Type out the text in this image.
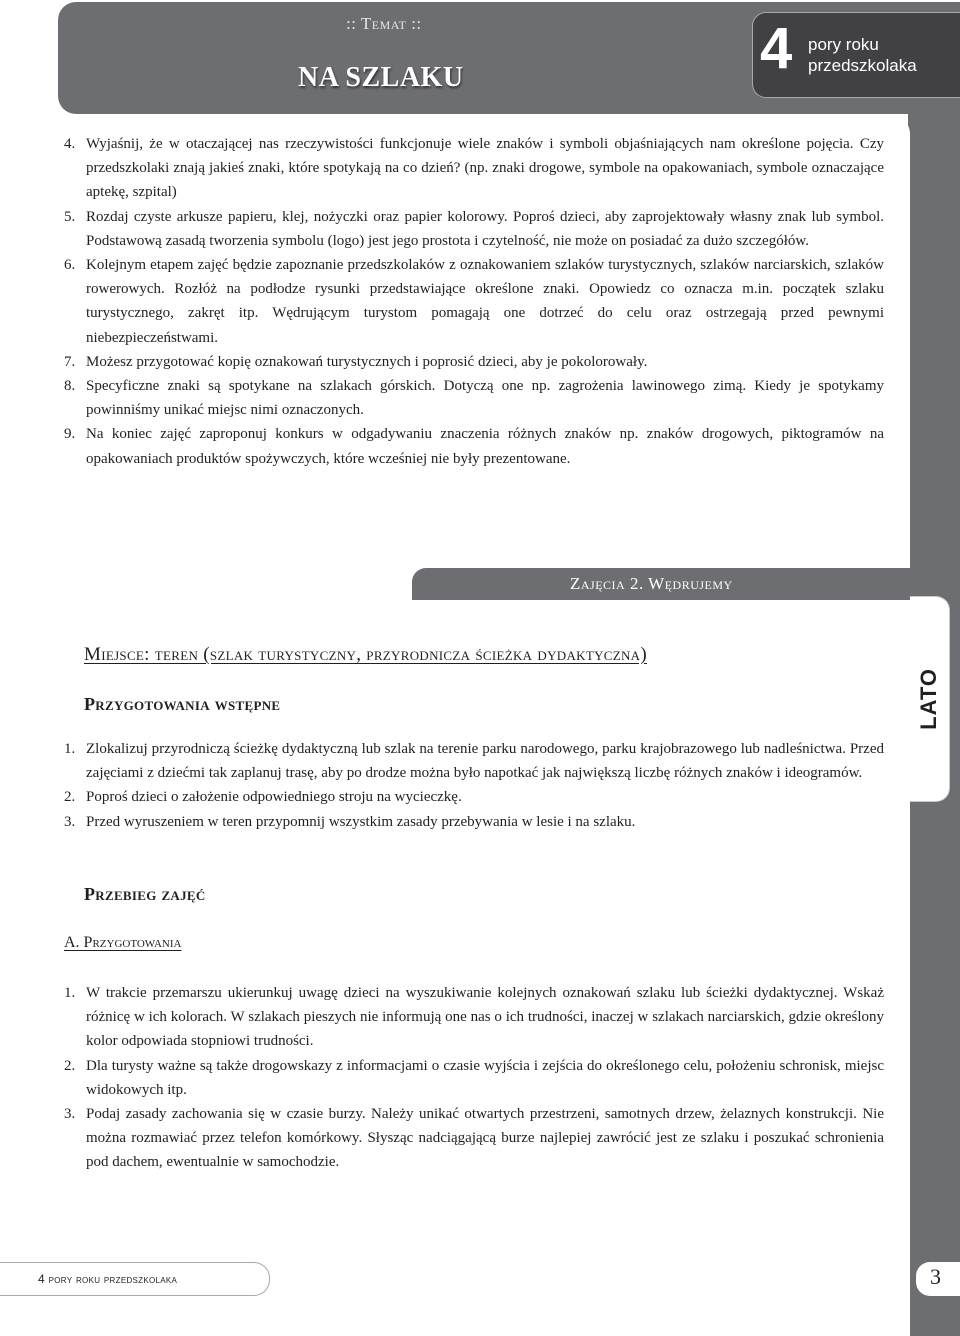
:: Temat ::
NA SZLAKU	4 pory roku
przedszkolaka
4. Wyjaśnij, że w otaczającej nas rzeczywistości funkcjonuje wiele znaków i symboli objaśniających nam określone pojęcia. Czy przedszkolaki znają jakieś znaki, które spotykają na co dzień? (np. znaki drogowe, symbole na opakowaniach, symbole oznaczające aptekę, szpital)
5. Rozdaj czyste arkusze papieru, klej, nożyczki oraz papier kolorowy. Poproś dzieci, aby zaprojektowały własny znak lub symbol. Podstawową zasadą tworzenia symbolu (logo) jest jego prostota i czytelność, nie może on posiadać za dużo szczegółów.
6. Kolejnym etapem zajęć będzie zapoznanie przedszkolaków z oznakowaniem szlaków turystycznych, szlaków narciarskich, szlaków rowerowych. Rozłóż na podłodze rysunki przedstawiające określone znaki. Opowiedz co oznacza m.in. początek szlaku turystycznego, zakręt itp. Wędrującym turystom pomagają one dotrzeć do celu oraz ostrzegają przed pewnymi niebezpieczeństwami.
7. Możesz przygotować kopię oznakowań turystycznych i poprosić dzieci, aby je pokolorowały.
8. Specyficzne znaki są spotykane na szlakach górskich. Dotyczą one np. zagrożenia lawinowego zimą. Kiedy je spotykamy powinniśmy unikać miejsc nimi oznaczonych.
9. Na koniec zajęć zaproponuj konkurs w odgadywaniu znaczenia różnych znaków np. znaków drogowych, piktogramów na opakowaniach produktów spożywczych, które wcześniej nie były prezentowane.
Zajęcia 2. Wędrujemy
LATO
Miejsce: teren (szlak turystyczny, przyrodnicza ścieżka dydaktyczna)
Przygotowania wstępne
1. Zlokalizuj przyrodniczą ścieżkę dydaktyczną lub szlak na terenie parku narodowego, parku krajobrazowego lub nadleśnictwa. Przed zajęciami z dziećmi tak zaplanuj trasę, aby po drodze można było napotkać jak największą liczbę różnych znaków i ideogramów.
2. Poproś dzieci o założenie odpowiedniego stroju na wycieczkę.
3. Przed wyruszeniem w teren przypomnij wszystkim zasady przebywania w lesie i na szlaku.
Przebieg zajęć
A. Przygotowania
1. W trakcie przemarszu ukierunkuj uwagę dzieci na wyszukiwanie kolejnych oznakowań szlaku lub ścieżki dydaktycznej. Wskaż różnicę w ich kolorach. W szlakach pieszych nie informują one nas o ich trudności, inaczej w szlakach narciarskich, gdzie określony kolor odpowiada stopniowi trudności.
2. Dla turysty ważne są także drogowskazy z informacjami o czasie wyjścia i zejścia do określonego celu, położeniu schronisk, miejsc widokowych itp.
3. Podaj zasady zachowania się w czasie burzy. Należy unikać otwartych przestrzeni, samotnych drzew, żelaznych konstrukcji. Nie można rozmawiać przez telefon komórkowy. Słysząc nadciągającą burze najlepiej zawrócić jest ze szlaku i poszukać schronienia pod dachem, ewentualnie w samochodzie.
4 pory roku przedszkolaka	3
